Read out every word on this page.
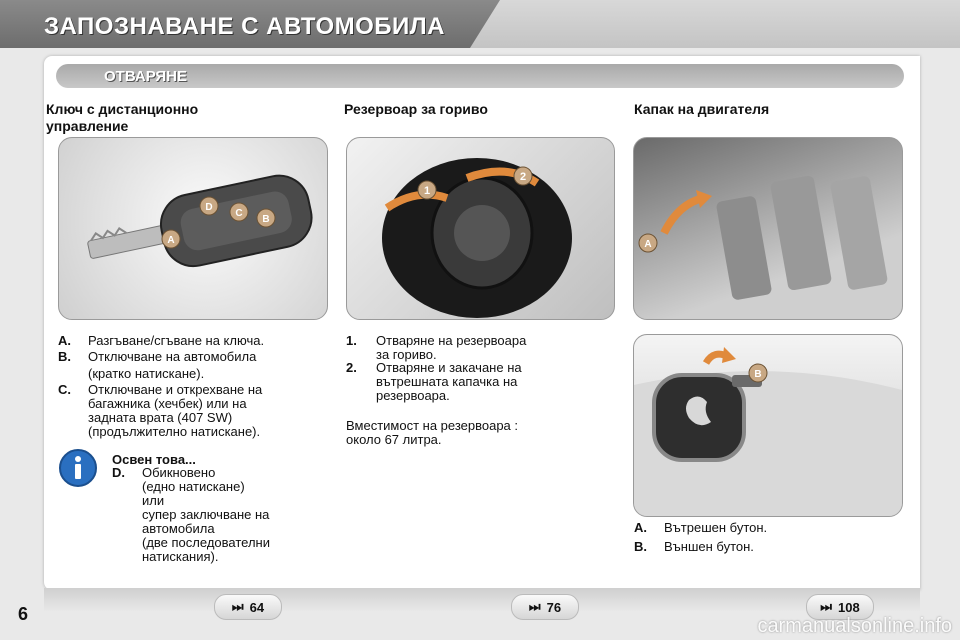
ЗАПОЗНАВАНЕ С АВТОМОБИЛА
ОТВАРЯНЕ
Ключ с дистанционно
управление
D
C
B
A
A. Разгъване/сгъване на ключа.
B. Отключване на автомобила
(кратко натискане).
C. Отключване и открехване на
багажника (хечбек) или на
задната врата (407 SW)
(продължително натискане).
Освен това...
D. Обикновено
(едно натискане)
или
супер заключване на
автомобила
(две последователни
натискания).
Резервоар за гориво
1
2
1. Отваряне на резервоара
за гориво.
2. Отваряне и закачане на
вътрешната капачка на
резервоара.
Вместимост на резервоара :
около 67 литра.
Капак на двигателя
A
B
A. Вътрешен бутон.
B. Външен бутон.
⏭ 64	⏭ 76	⏭ 108
6
carmanualsonline.info
